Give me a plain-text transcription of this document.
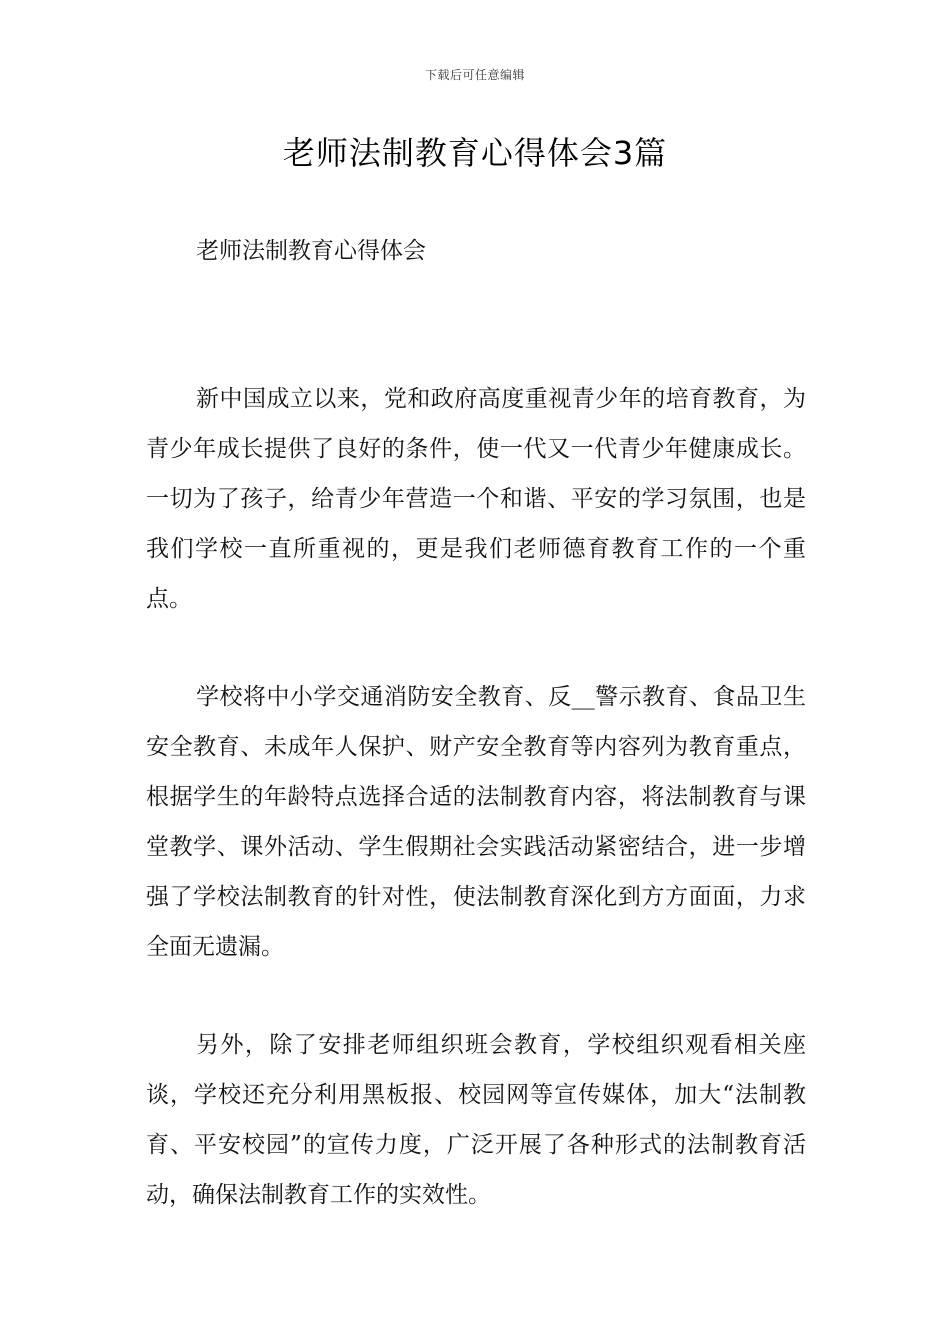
下载后可任意编辑
老师法制教育心得体会3篇

老师法制教育心得体会

新中国成立以来，党和政府高度重视青少年的培育教育，为青少年成长提供了良好的条件，使一代又一代青少年健康成长。一切为了孩子，给青少年营造一个和谐、平安的学习氛围，也是我们学校一直所重视的，更是我们老师德育教育工作的一个重点。

学校将中小学交通消防安全教育、反__警示教育、食品卫生安全教育、未成年人保护、财产安全教育等内容列为教育重点，根据学生的年龄特点选择合适的法制教育内容，将法制教育与课堂教学、课外活动、学生假期社会实践活动紧密结合，进一步增强了学校法制教育的针对性，使法制教育深化到方方面面，力求全面无遗漏。

另外，除了安排老师组织班会教育，学校组织观看相关座谈，学校还充分利用黑板报、校园网等宣传媒体，加大“法制教育、平安校园”的宣传力度，广泛开展了各种形式的法制教育活动，确保法制教育工作的实效性。
